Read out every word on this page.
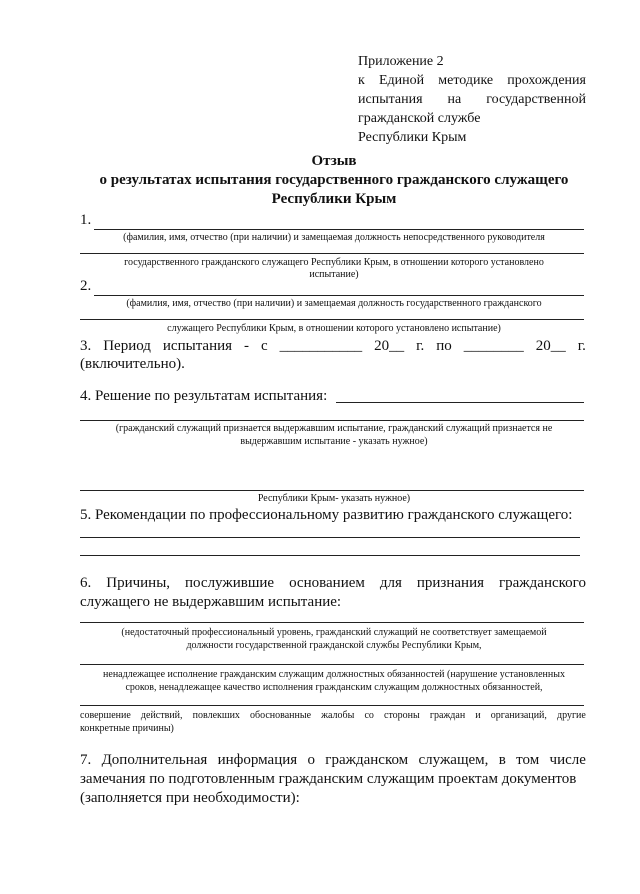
Приложение 2
к Единой методике прохождения
испытания на государственной
гражданской службе
Республики Крым
Отзыв
о результатах испытания государственного гражданского служащего
Республики Крым
1.
(фамилия, имя, отчество (при наличии) и замещаемая должность непосредственного руководителя
государственного гражданского служащего Республики Крым, в отношении которого установлено
испытание)
2.
(фамилия, имя, отчество (при наличии) и замещаемая должность государственного гражданского
служащего Республики Крым, в отношении которого установлено испытание)
3. Период испытания - с ___________ 20__ г. по ________ 20__ г.
(включительно).
4. Решение по результатам испытания:
(гражданский служащий признается выдержавшим испытание, гражданский служащий признается не
выдержавшим испытание - указать нужное)
Республики Крым- указать нужное)
5. Рекомендации по профессиональному развитию гражданского служащего:
6. Причины, послужившие основанием для признания гражданского
служащего не выдержавшим испытание:
(недостаточный профессиональный уровень, гражданский служащий не соответствует замещаемой
должности государственной гражданской службы Республики Крым,
ненадлежащее исполнение гражданским служащим должностных обязанностей (нарушение установленных
сроков, ненадлежащее качество исполнения гражданским служащим должностных обязанностей,
совершение действий, повлекших обоснованные жалобы со стороны граждан и организаций, другие
конкретные причины)
7. Дополнительная информация о гражданском служащем, в том числе
замечания по подготовленным гражданским служащим проектам документов
(заполняется при необходимости):
